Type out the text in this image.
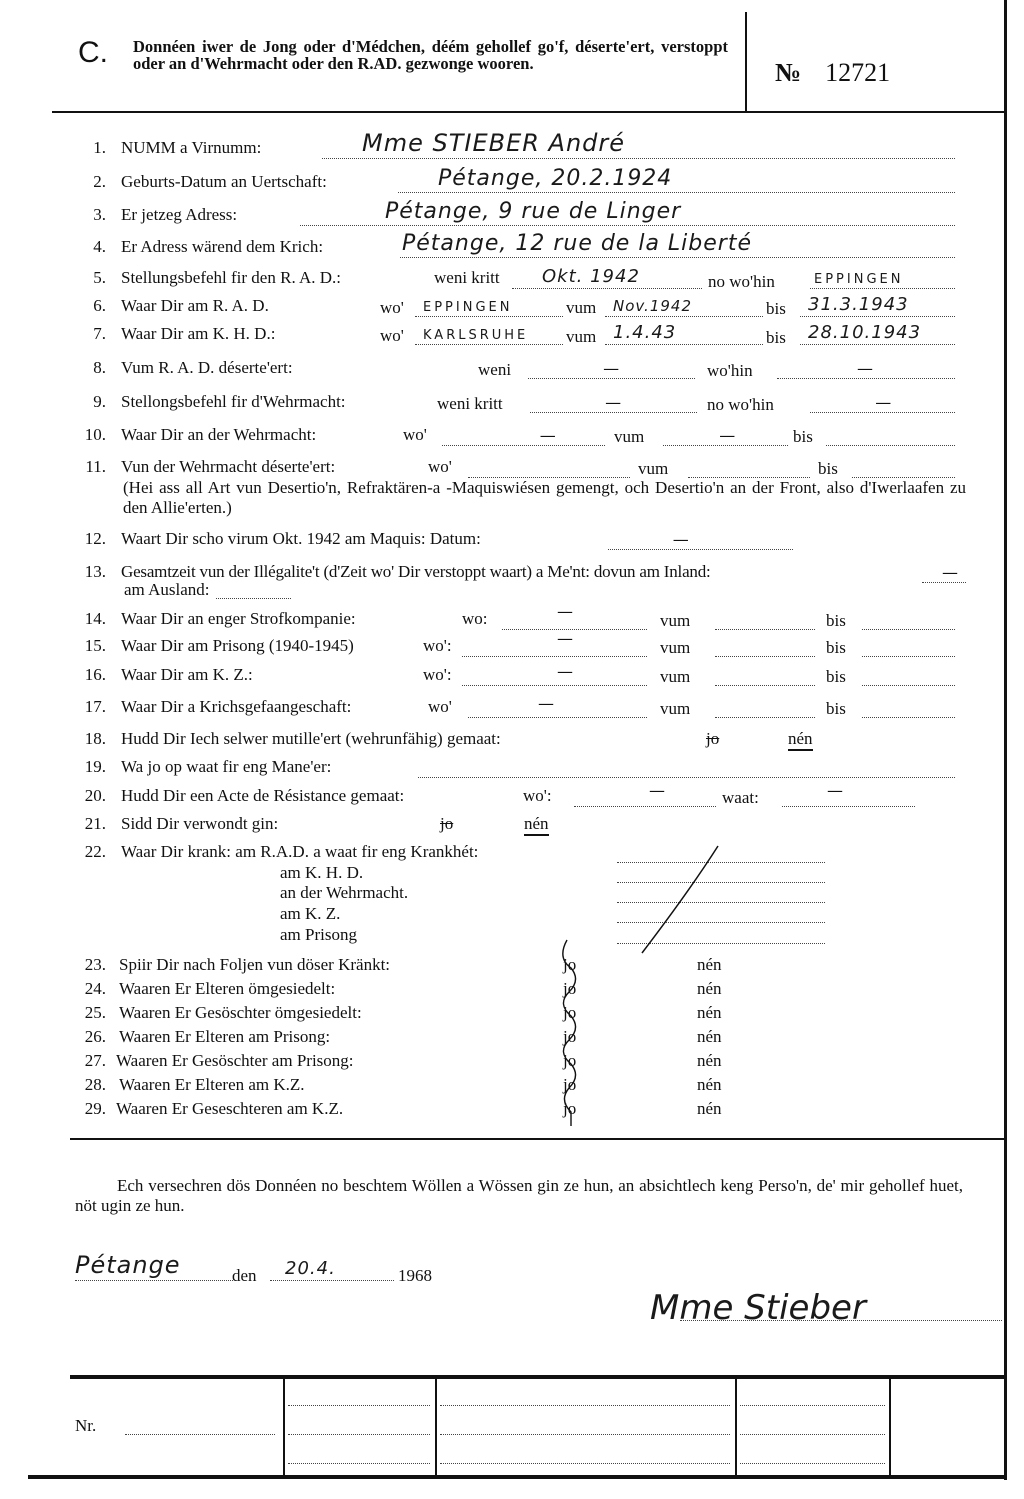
C. Donnéen iwer de Jong oder d'Médchen, déém gehollef go'f, déserte'ert, verstoppt oder an d'Wehrmacht oder den R.AD. gezwonge wooren.	№ 12721
1. NUMM a Virnumm:	Mme STIEBER André
2. Geburts-Datum an Uertschaft:	Pétange, 20.2.1924
3. Er jetzeg Adress:	Pétange, 9 rue de Linger
4. Er Adress wärend dem Krich:	Pétange, 12 rue de la Liberté
5. Stellungsbefehl fir den R. A. D.:	weni kritt Okt. 1942	no wo'hin	EPPINGEN
6. Waar Dir am R. A. D.	wo' EPPINGEN	vum Nov.1942	bis 31.3.1943
7. Waar Dir am K. H. D.:	wo' KARLSRUHE vum 1.4.43	bis 28.10.1943
8. Vum R. A. D. déserte'ert:	weni	—	wo'hin	—
9. Stellongsbefehl fir d'Wehrmacht:	weni kritt	—	no wo'hin	—
10. Waar Dir an der Wehrmacht:	wo'	—	vum	—	bis
11. Vun der Wehrmacht déserte'ert:	wo'	vum	bis
(Hei ass all Art vun Desertio'n, Refraktären-a -Maquiswiésen gemengt, och Desertio'n an der Front, also d'Iwerlaafen zu den Allie'erten.)
12. Waart Dir scho virum Okt. 1942 am Maquis: Datum:	—
13. Gesamtzeit vun der Illégalite't (d'Zeit wo' Dir verstoppt waart) a Me'nt: dovun am Inland:	—
am Ausland:
14. Waar Dir an enger Strofkompanie:	wo:	—	vum	bis
15. Waar Dir am Prisong (1940-1945)	wo':	—	vum	bis
16. Waar Dir am K. Z.:	wo':	—	vum	bis
17. Waar Dir a Krichsgefaangeschaft:	wo'	—	vum	bis
18. Hudd Dir Iech selwer mutille'ert (wehrunfähig) gemaat:	jo	nén
19. Wa jo op waat fir eng Mane'er:
20. Hudd Dir een Acte de Résistance gemaat:	wo':	—	waat:	—
21. Sidd Dir verwondt gin:	jo	nén
22. Waar Dir krank: am R.A.D. a waat fir eng Krankhét:
am K. H. D.
an der Wehrmacht.
am K. Z.
am Prisong
23. Spiir Dir nach Foljen vun döser Kränkt:	jo	nén
24. Waaren Er Elteren ömgesiedelt:	jo	nén
25. Waaren Er Gesöschter ömgesiedelt:	jo	nén
26. Waaren Er Elteren am Prisong:	jo	nén
27. Waaren Er Gesöschter am Prisong:	jo	nén
28. Waaren Er Elteren am K.Z.	jo	nén
29. Waaren Er Geseschteren am K.Z.	jo	nén
Ech versechren dös Donnéen no beschtem Wöllen a Wössen gin ze hun, an absichtlech keng Perso'n, de' mir gehollef huet, nöt ugin ze hun.
Pétange	den 20.4.	1968
Mme Stieber
Nr.
